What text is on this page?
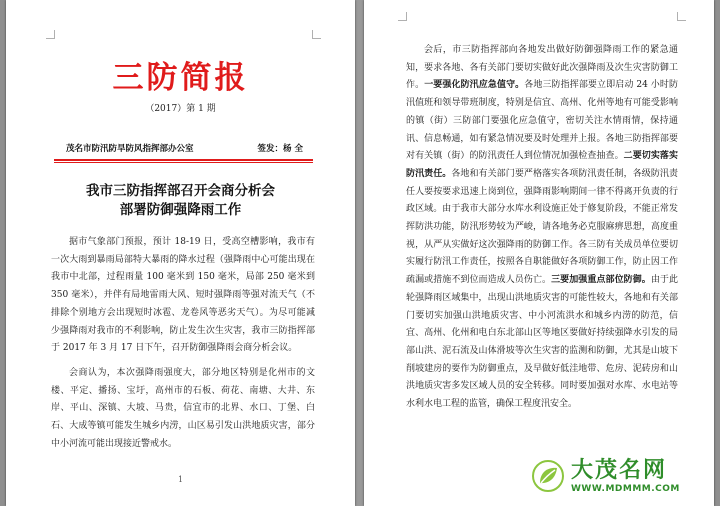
三防简报
（2017）第 1 期
茂名市防汛防旱防风指挥部办公室	签发：杨 全
我市三防指挥部召开会商分析会
部署防御强降雨工作
据市气象部门预报，预计 18-19 日，受高空槽影响，我市有一次大雨到暴雨局部特大暴雨的降水过程（强降雨中心可能出现在我市中北部，过程雨量 100 毫米到 150 毫米，局部 250 毫米到 350 毫米），并伴有局地雷雨大风、短时强降雨等强对流天气（不排除个别地方会出现短时冰雹、龙卷风等恶劣天气）。为尽可能减少强降雨对我市的不利影响，防止发生次生灾害，我市三防指挥部于 2017 年 3 月 17 日下午，召开防御强降雨会商分析会议。
会商认为，本次强降雨强度大，部分地区特别是化州市的文楼、平定、播扬、宝圩，高州市的石板、荷花、南塘、大井、东岸、平山、深镇、大坡、马贵，信宜市的北界、水口、丁堡、白石、大成等镇可能发生城乡内涝，山区易引发山洪地质灾害，部分中小河流可能出现接近警戒水。
1
会后，市三防指挥部向各地发出做好防御强降雨工作的紧急通知，要求各地、各有关部门要切实做好此次强降雨及次生灾害防御工作。一要强化防汛应急值守。各地三防指挥部要立即启动 24 小时防汛值班和领导带班制度，特别是信宜、高州、化州等地有可能受影响的镇（街）三防部门要强化应急值守，密切关注水情雨情，保持通讯、信息畅通，如有紧急情况要及时处理并上报。各地三防指挥部要对有关镇（街）的防汛责任人到位情况加强检查抽查。二要切实落实防汛责任。各地和有关部门要严格落实各项防汛责任制，各级防汛责任人要按要求迅速上岗到位，强降雨影响期间一律不得离开负责的行政区域。由于我市大部分水库水利设施正处于修复阶段，不能正常发挥防洪功能，防汛形势较为严峻，请各地务必克服麻痹思想，高度重视，从严从实做好这次强降雨的防御工作。各三防有关成员单位要切实履行防汛工作责任，按照各自职能做好各项防御工作，防止因工作疏漏或措施不到位而造成人员伤亡。三要加强重点部位防御。由于此轮强降雨区域集中，出现山洪地质灾害的可能性较大，各地和有关部门要切实加强山洪地质灾害、中小河流洪水和城乡内涝的防范，信宜、高州、化州和电白东北部山区等地区要做好持续强降水引发的局部山洪、泥石流及山体滑坡等次生灾害的监测和防御，尤其是山坡下削坡建房的要作为防御重点，及早做好低洼地带、危房、泥砖房和山洪地质灾害多发区域人员的安全转移。同时要加强对水库、水电站等水利水电工程的监管，确保工程度汛安全。
大茂名网
WWW.MDMMM.COM
